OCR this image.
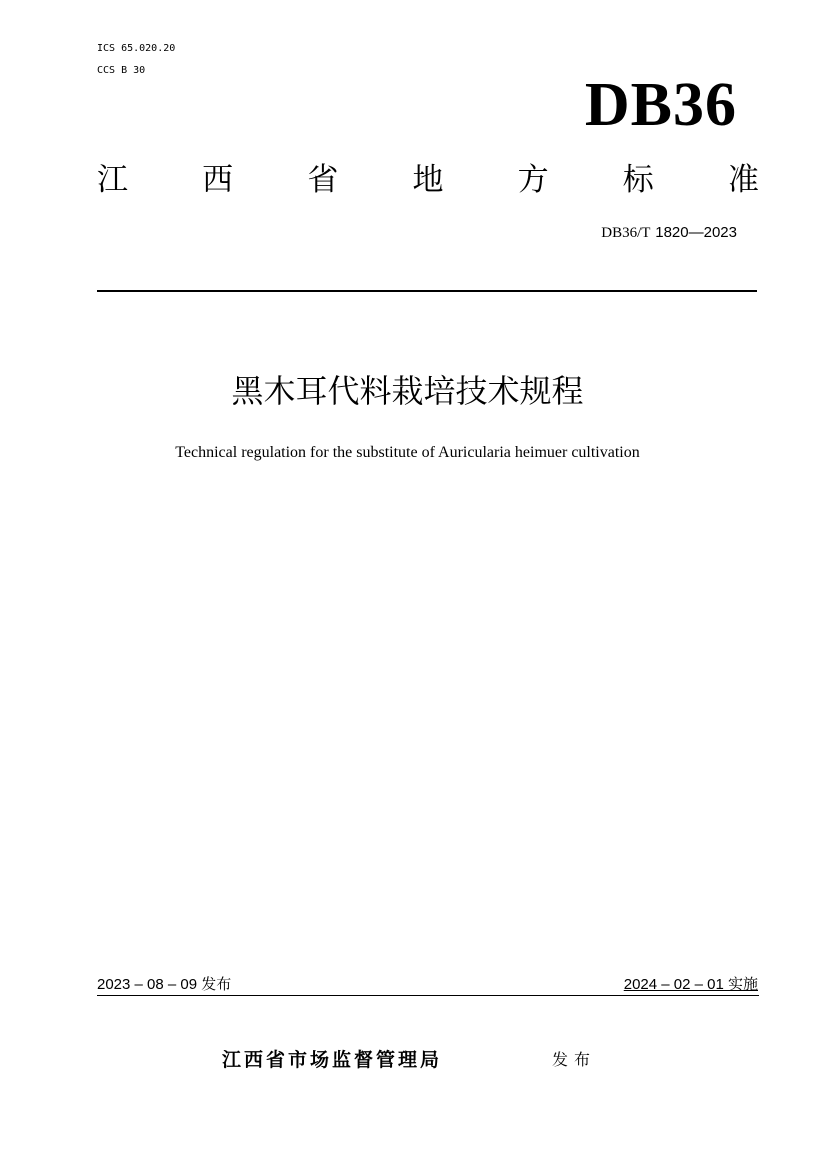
ICS 65.020.20
CCS B 30
DB36
江 西 省 地 方 标 准
DB36/T 1820—2023
黑木耳代料栽培技术规程
Technical regulation for the substitute of Auricularia heimuer cultivation
2023 – 08 – 09 发布	2024 – 02 – 01 实施
江西省市场监督管理局	发布
